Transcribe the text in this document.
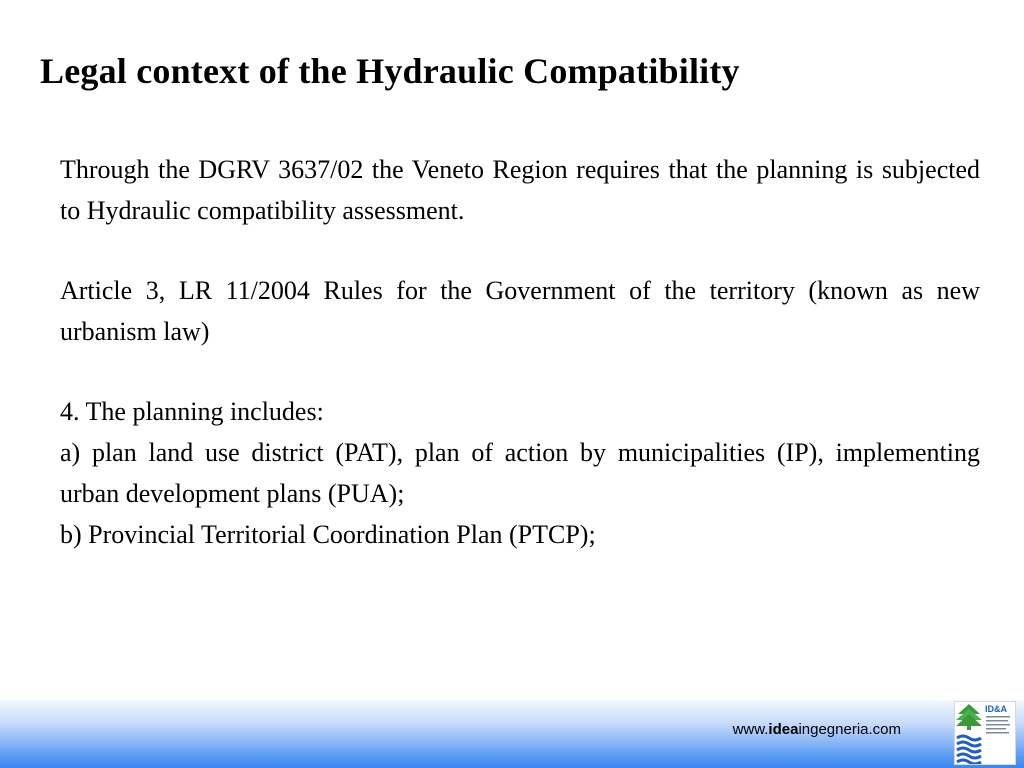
Legal context of the Hydraulic Compatibility

Through the DGRV 3637/02 the Veneto Region requires that the planning is subjected to Hydraulic compatibility assessment.

Article 3, LR 11/2004 Rules for the Government of the territory (known as new urbanism law)

4. The planning includes:
a) plan land use district (PAT), plan of action by municipalities (IP), implementing urban development plans (PUA);
b) Provincial Territorial Coordination Plan (PTCP);
www.ideaingegneria.com
ID&A
